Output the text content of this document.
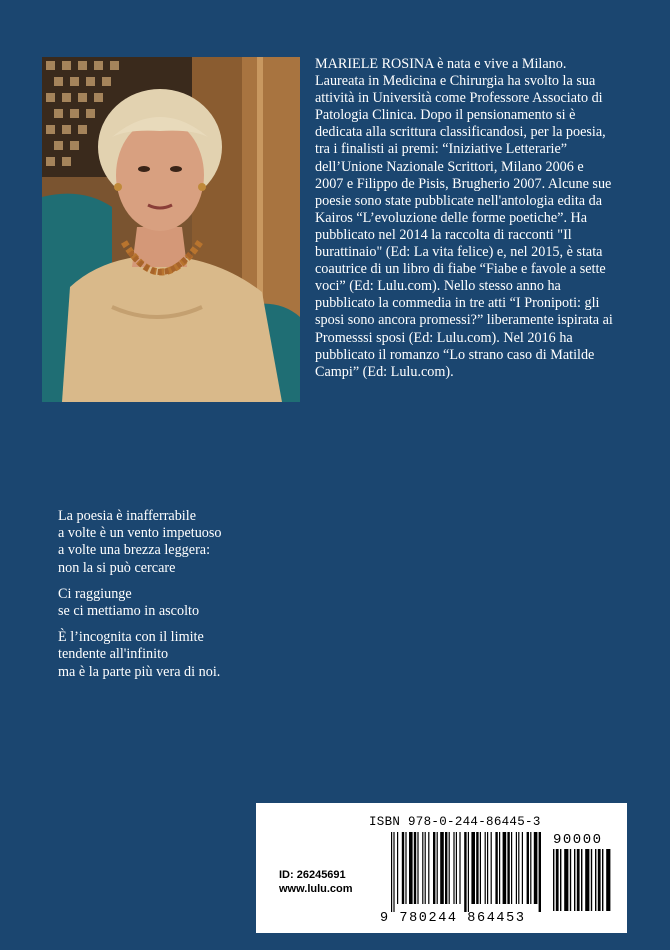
MARIELE ROSINA è nata e vive a Milano. Laureata in Medicina e Chirurgia ha svolto la sua attività in Università come Professore Associato di Patologia Clinica. Dopo il pensionamento si è dedicata alla scrittura classificandosi, per la poesia, tra i finalisti ai premi: “Iniziative Letterarie” dell’Unione Nazionale Scrittori, Milano 2006 e 2007 e Filippo de Pisis, Brugherio 2007. Alcune sue poesie sono state pubblicate nell'antologia edita da Kairos “L’evoluzione delle forme poetiche”. Ha pubblicato nel 2014 la raccolta di racconti "Il burattinaio" (Ed: La vita felice) e, nel 2015, è stata coautrice di un libro di fiabe “Fiabe e favole a sette voci” (Ed: Lulu.com). Nello stesso anno ha pubblicato la commedia in tre atti “I Pronipoti: gli sposi sono ancora promessi?” liberamente ispirata ai Promesssi sposi (Ed: Lulu.com). Nel 2016 ha pubblicato il romanzo “Lo strano caso di Matilde Campi” (Ed: Lulu.com).

La poesia è inafferrabile
a volte è un vento impetuoso
a volte una brezza leggera:
non la si può cercare

Ci raggiunge
se ci mettiamo in ascolto

È l’incognita con il limite
tendente all'infinito
ma è la parte più vera di noi.

ID: 26245691
www.lulu.com
ISBN 978-0-244-86445-3
90000
9 780244 864453
